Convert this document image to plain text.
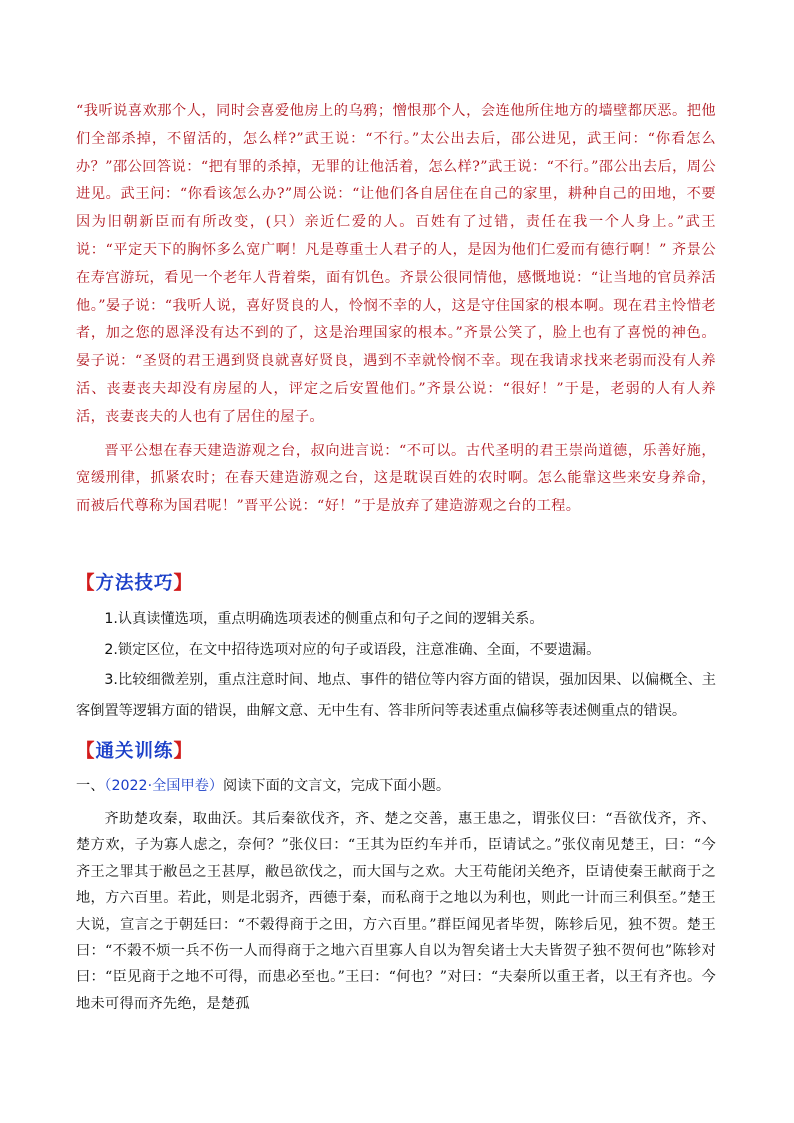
“我听说喜欢那个人，同时会喜爱他房上的乌鸦；憎恨那个人，会连他所住地方的墙壁都厌恶。把他们全部杀掉，不留活的，怎么样?”武王说：“不行。”太公出去后，邵公进见，武王问：“你看怎么办？”邵公回答说：“把有罪的杀掉，无罪的让他活着，怎么样?”武王说：“不行。”邵公出去后，周公进见。武王问：“你看该怎么办?”周公说：“让他们各自居住在自己的家里，耕种自己的田地，不要因为旧朝新臣而有所改变，(只）亲近仁爱的人。百姓有了过错，责任在我一个人身上。”武王说：“平定天下的胸怀多么宽广啊！凡是尊重士人君子的人，是因为他们仁爱而有德行啊！” 齐景公在寿宫游玩，看见一个老年人背着柴，面有饥色。齐景公很同情他，感慨地说：“让当地的官员养活他。”晏子说：“我听人说，喜好贤良的人，怜悯不幸的人，这是守住国家的根本啊。现在君主怜惜老者，加之您的恩泽没有达不到的了，这是治理国家的根本。”齐景公笑了，脸上也有了喜悦的神色。晏子说：“圣贤的君王遇到贤良就喜好贤良，遇到不幸就怜悯不幸。现在我请求找来老弱而没有人养活、丧妻丧夫却没有房屋的人，评定之后安置他们。”齐景公说：“很好！”于是，老弱的人有人养活，丧妻丧夫的人也有了居住的屋子。

晋平公想在春天建造游观之台，叔向进言说：“不可以。古代圣明的君王崇尚道德，乐善好施，宽缓刑律，抓紧农时；在春天建造游观之台，这是耽误百姓的农时啊。怎么能靠这些来安身养命，而被后代尊称为国君呢！”晋平公说：“好！”于是放弃了建造游观之台的工程。

【方法技巧】

1.认真读懂选项，重点明确选项表述的侧重点和句子之间的逻辑关系。

2.锁定区位，在文中招待选项对应的句子或语段，注意准确、全面，不要遗漏。

3.比较细微差别，重点注意时间、地点、事件的错位等内容方面的错误，强加因果、以偏概全、主客倒置等逻辑方面的错误，曲解文意、无中生有、答非所问等表述重点偏移等表述侧重点的错误。

【通关训练】

一、（2022·全国甲卷）阅读下面的文言文，完成下面小题。

齐助楚攻秦，取曲沃。其后秦欲伐齐，齐、楚之交善，惠王患之，谓张仪曰：“吾欲伐齐，齐、楚方欢，子为寡人虑之，奈何？”张仪曰：“王其为臣约车并币，臣请试之。”张仪南见楚王，曰：“今齐王之罪其于敝邑之王甚厚，敝邑欲伐之，而大国与之欢。大王苟能闭关绝齐，臣请使秦王献商于之地，方六百里。若此，则是北弱齐，西德于秦，而私商于之地以为利也，则此一计而三利俱至。”楚王大说，宣言之于朝廷曰：“不榖得商于之田，方六百里。”群臣闻见者毕贺，陈轸后见，独不贺。楚王曰：“不榖不烦一兵不伤一人而得商于之地六百里寡人自以为智矣诸士大夫皆贺子独不贺何也”陈轸对曰：“臣见商于之地不可得，而患必至也。”王曰：“何也？”对曰：“夫秦所以重王者，以王有齐也。今地未可得而齐先绝，是楚孤
